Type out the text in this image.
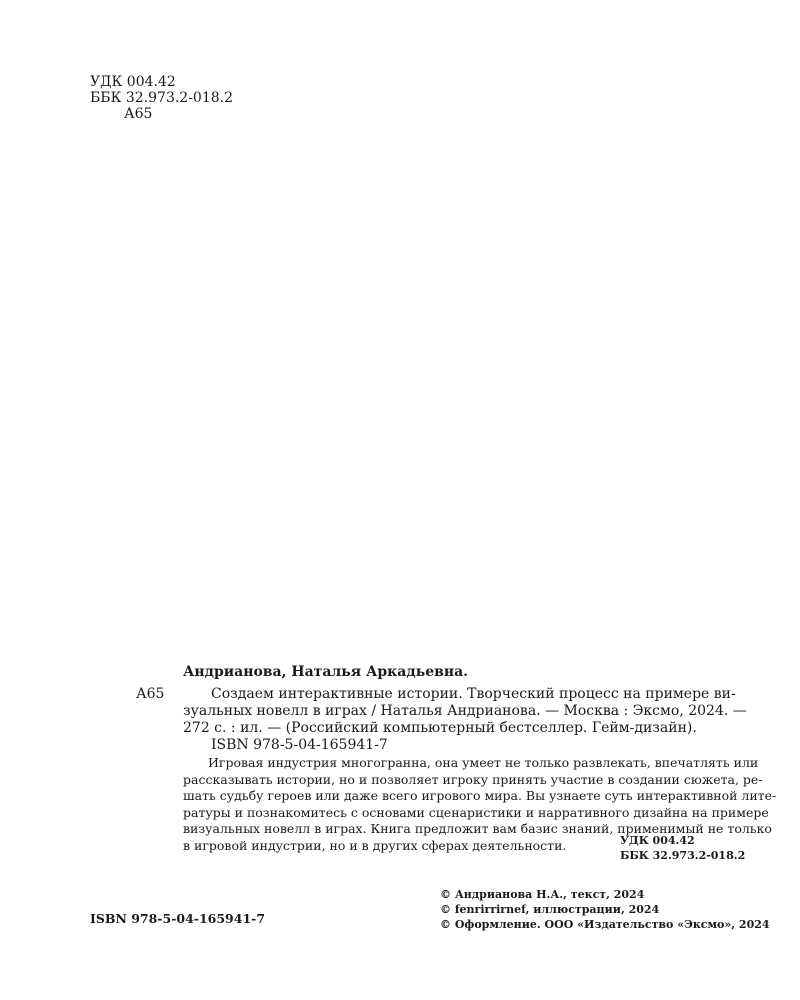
УДК 004.42
ББК 32.973.2-018.2
А65
Андрианова, Наталья Аркадьевна.
А65	Создаем интерактивные истории. Творческий процесс на примере ви-
зуальных новелл в играх / Наталья Андрианова. — Москва : Эксмо, 2024. —
272 с. : ил. — (Российский компьютерный бестселлер. Гейм-дизайн).
ISBN 978-5-04-165941-7
Игровая индустрия многогранна, она умеет не только развлекать, впечатлять или
рассказывать истории, но и позволяет игроку принять участие в создании сюжета, ре-
шать судьбу героев или даже всего игрового мира. Вы узнаете суть интерактивной лите-
ратуры и познакомитесь с основами сценаристики и нарративного дизайна на примере
визуальных новелл в играх. Книга предложит вам базис знаний, применимый не только
в игровой индустрии, но и в других сферах деятельности.	УДК 004.42
ББК 32.973.2-018.2
ISBN 978-5-04-165941-7
© Андрианова Н.А., текст, 2024
© fenrirrirnef, иллюстрации, 2024
© Оформление. ООО «Издательство «Эксмо», 2024
